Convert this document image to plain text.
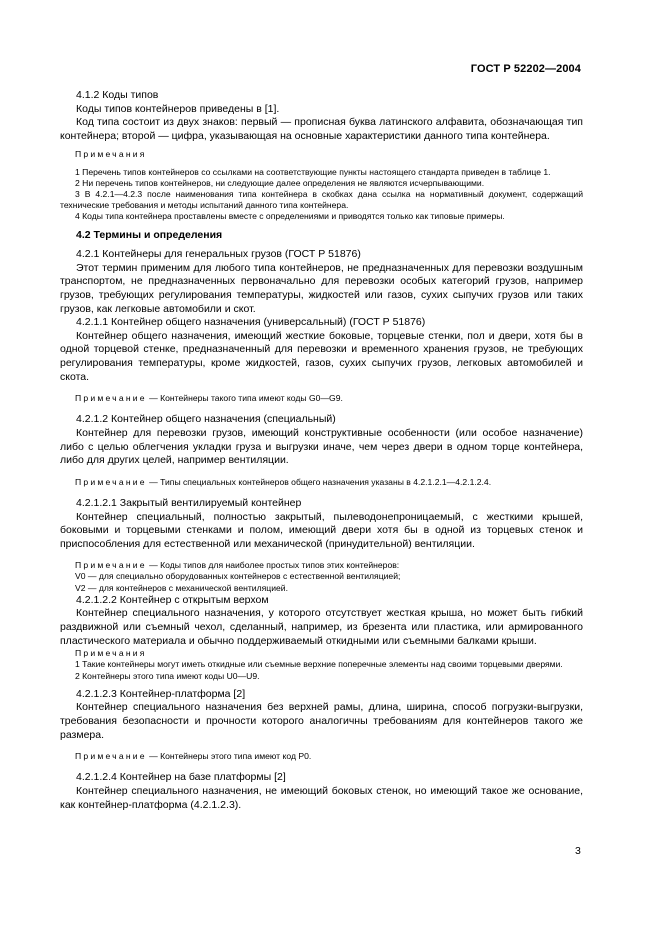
ГОСТ Р 52202—2004

4.1.2 Коды типов

Коды типов контейнеров приведены в [1].

Код типа состоит из двух знаков: первый — прописная буква латинского алфавита, обозначающая тип контейнера; второй — цифра, указывающая на основные характеристики данного типа контейнера.

Примечания

1 Перечень типов контейнеров со ссылками на соответствующие пункты настоящего стандарта приведен в таблице 1.

2 Ни перечень типов контейнеров, ни следующие далее определения не являются исчерпывающими.

3 В 4.2.1—4.2.3 после наименования типа контейнера в скобках дана ссылка на нормативный документ, содержащий технические требования и методы испытаний данного типа контейнера.

4 Коды типа контейнера проставлены вместе с определениями и приводятся только как типовые примеры.

4.2 Термины и определения

4.2.1 Контейнеры для генеральных грузов (ГОСТ Р 51876)

Этот термин применим для любого типа контейнеров, не предназначенных для перевозки воздушным транспортом, не предназначенных первоначально для перевозки особых категорий грузов, например грузов, требующих регулирования температуры, жидкостей или газов, сухих сыпучих грузов или таких грузов, как легковые автомобили и скот.

4.2.1.1 Контейнер общего назначения (универсальный) (ГОСТ Р 51876)

Контейнер общего назначения, имеющий жесткие боковые, торцевые стенки, пол и двери, хотя бы в одной торцевой стенке, предназначенный для перевозки и временного хранения грузов, не требующих регулирования температуры, кроме жидкостей, газов, сухих сыпучих грузов, легковых автомобилей и скота.

Примечание — Контейнеры такого типа имеют коды G0—G9.

4.2.1.2 Контейнер общего назначения (специальный)

Контейнер для перевозки грузов, имеющий конструктивные особенности (или особое назначение) либо с целью облегчения укладки груза и выгрузки иначе, чем через двери в одном торце контейнера, либо для других целей, например вентиляции.

Примечание — Типы специальных контейнеров общего назначения указаны в 4.2.1.2.1—4.2.1.2.4.

4.2.1.2.1 Закрытый вентилируемый контейнер

Контейнер специальный, полностью закрытый, пылеводонепроницаемый, с жесткими крышей, боковыми и торцевыми стенками и полом, имеющий двери хотя бы в одной из торцевых стенок и приспособления для естественной или механической (принудительной) вентиляции.

Примечание — Коды типов для наиболее простых типов этих контейнеров:

V0 — для специально оборудованных контейнеров с естественной вентиляцией;

V2 — для контейнеров с механической вентиляцией.

4.2.1.2.2 Контейнер с открытым верхом

Контейнер специального назначения, у которого отсутствует жесткая крыша, но может быть гибкий раздвижной или съемный чехол, сделанный, например, из брезента или пластика, или армированного пластического материала и обычно поддерживаемый откидными или съемными балками крыши.

Примечания

1 Такие контейнеры могут иметь откидные или съемные верхние поперечные элементы над своими торцевыми дверями.

2 Контейнеры этого типа имеют коды U0—U9.

4.2.1.2.3 Контейнер-платформа [2]

Контейнер специального назначения без верхней рамы, длина, ширина, способ погрузки-выгрузки, требования безопасности и прочности которого аналогичны требованиям для контейнеров такого же размера.

Примечание — Контейнеры этого типа имеют код P0.

4.2.1.2.4 Контейнер на базе платформы [2]

Контейнер специального назначения, не имеющий боковых стенок, но имеющий такое же основание, как контейнер-платформа (4.2.1.2.3).

3
